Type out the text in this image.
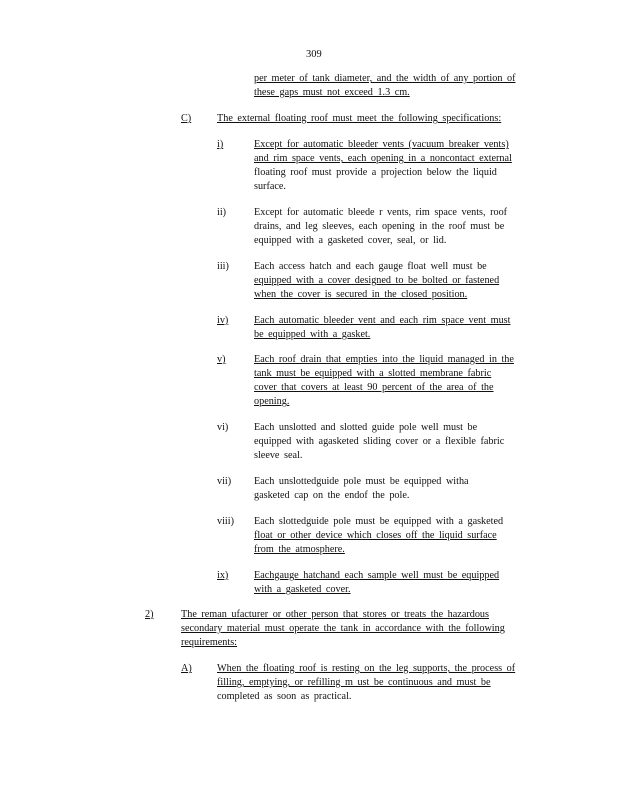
309
per meter of tank diameter, and the width of any portion of
these gaps must not exceed 1.3 cm.
C)	The external floating roof must meet the following specifications:
i)	Except for automatic bleeder vents (vacuum breaker vents)
and rim space vents, each opening in a noncontact external
floating roof must provide a projection below the liquid
surface.
ii)	Except for automatic bleede r vents, rim space vents, roof
drains, and leg sleeves, each opening in the roof must be
equipped with a gasketed cover, seal, or lid.
iii) Each access hatch and each gauge float well must be
equipped with a cover designed to be bolted or fastened
when the cover is secured in the closed position.
iv)	Each automatic bleeder vent and each rim space vent must
be equipped with a gasket.
v)	Each roof drain that empties into the liquid managed in the
tank must be equipped with a slotted membrane fabric
cover that covers at least 90 percent of the area of the
opening.
vi)	Each unslotted and slotted guide pole well must be
equipped with agasketed sliding cover or a flexible fabric
sleeve seal.
vii) Each unslottedguide pole must be equipped witha
gasketed cap on the endof the pole.
viii) Each slottedguide pole must be equipped with a gasketed
float or other device which closes off the liquid surface
from the atmosphere.
ix)	Eachgauge hatchand each sample well must be equipped
with a gasketed cover.
2)	The reman ufacturer or other person that stores or treats the hazardous
secondary material must operate the tank in accordance with the following
requirements:
A) When the floating roof is resting on the leg supports, the process of
filling, emptying, or refilling m ust be continuous and must be
completed as soon as practical.
